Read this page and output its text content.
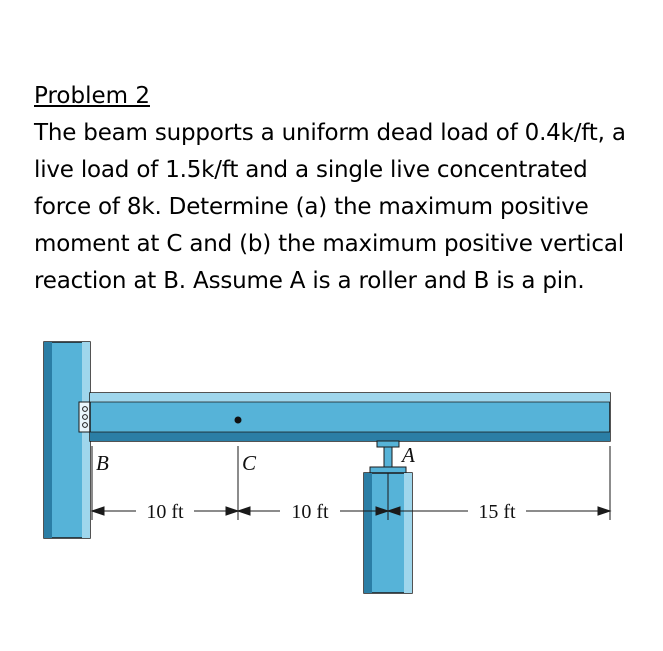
Problem 2

The beam supports a uniform dead load of 0.4k/ft, a live load of 1.5k/ft and a single live concentrated force of 8k. Determine (a) the maximum positive moment at C and (b) the maximum positive vertical reaction at B. Assume A is a roller and B is a pin.

B	C	A
10 ft	10 ft	15 ft
